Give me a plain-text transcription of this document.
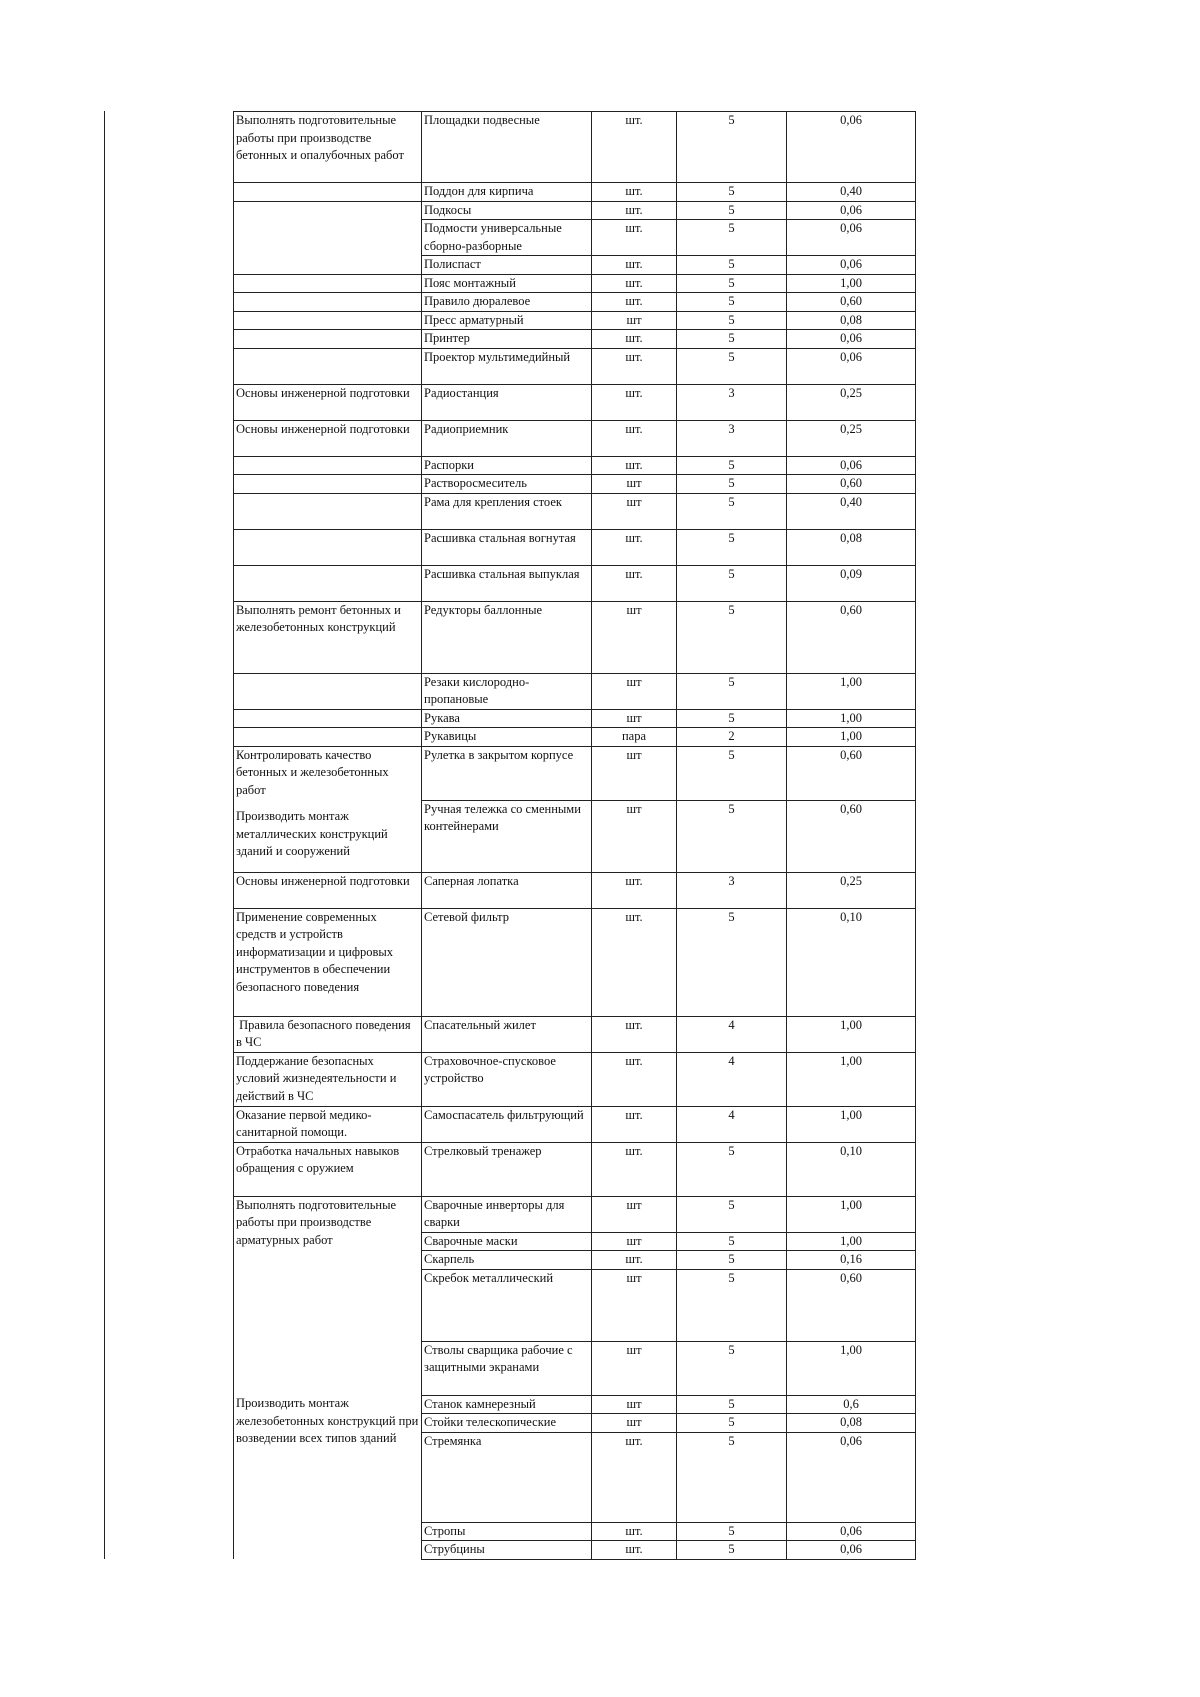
Выполнять подготовительные работы при производстве бетонных и опалубочных работ	Площадки подвесные	шт.	5	0,06
	Поддон для кирпича	шт.	5	0,40
	Подкосы	шт.	5	0,06
	Подмости универсальные сборно-разборные	шт.	5	0,06
	Полиспаст	шт.	5	0,06
	Пояс монтажный	шт.	5	1,00
	Правило дюралевое	шт.	5	0,60
	Пресс арматурный	шт	5	0,08
	Принтер	шт.	5	0,06
	Проектор мультимедийный	шт.	5	0,06
Основы инженерной подготовки	Радиостанция	шт.	3	0,25
Основы инженерной подготовки	Радиоприемник	шт.	3	0,25
	Распорки	шт.	5	0,06
	Растворосмеситель	шт	5	0,60
	Рама для крепления стоек	шт	5	0,40
	Расшивка стальная вогнутая	шт.	5	0,08
	Расшивка стальная выпуклая	шт.	5	0,09
Выполнять ремонт бетонных и железобетонных конструкций	Редукторы баллонные	шт	5	0,60
	Резаки кислородно-пропановые	шт	5	1,00
	Рукава	шт	5	1,00
	Рукавицы	пара	2	1,00
Контролировать качество бетонных и железобетонных работ	Рулетка в закрытом корпусе	шт	5	0,60
Производить монтаж металлических конструкций зданий и сооружений	Ручная тележка со сменными контейнерами	шт	5	0,60
Основы инженерной подготовки	Саперная лопатка	шт.	3	0,25
Применение современных средств и устройств информатизации и цифровых инструментов в обеспечении безопасного поведения	Сетевой фильтр	шт.	5	0,10
Правила безопасного поведения в ЧС	Спасательный жилет	шт.	4	1,00
Поддержание безопасных условий жизнедеятельности и действий в ЧС	Страховочное-спусковое устройство	шт.	4	1,00
Оказание первой медико-санитарной помощи.	Самоспасатель фильтрующий	шт.	4	1,00
Отработка начальных навыков обращения с оружием	Стрелковый тренажер	шт.	5	0,10
Выполнять подготовительные работы при производстве арматурных работ	Сварочные инверторы для сварки	шт	5	1,00
	Сварочные маски	шт	5	1,00
	Скарпель	шт.	5	0,16
	Скребок металлический	шт	5	0,60
	Стволы сварщика рабочие с защитными экранами	шт	5	1,00
Производить монтаж железобетонных конструкций при возведении всех типов зданий	Станок камнерезный	шт	5	0,6
	Стойки телескопические	шт	5	0,08
	Стремянка	шт.	5	0,06
	Стропы	шт.	5	0,06
	Струбцины	шт.	5	0,06
